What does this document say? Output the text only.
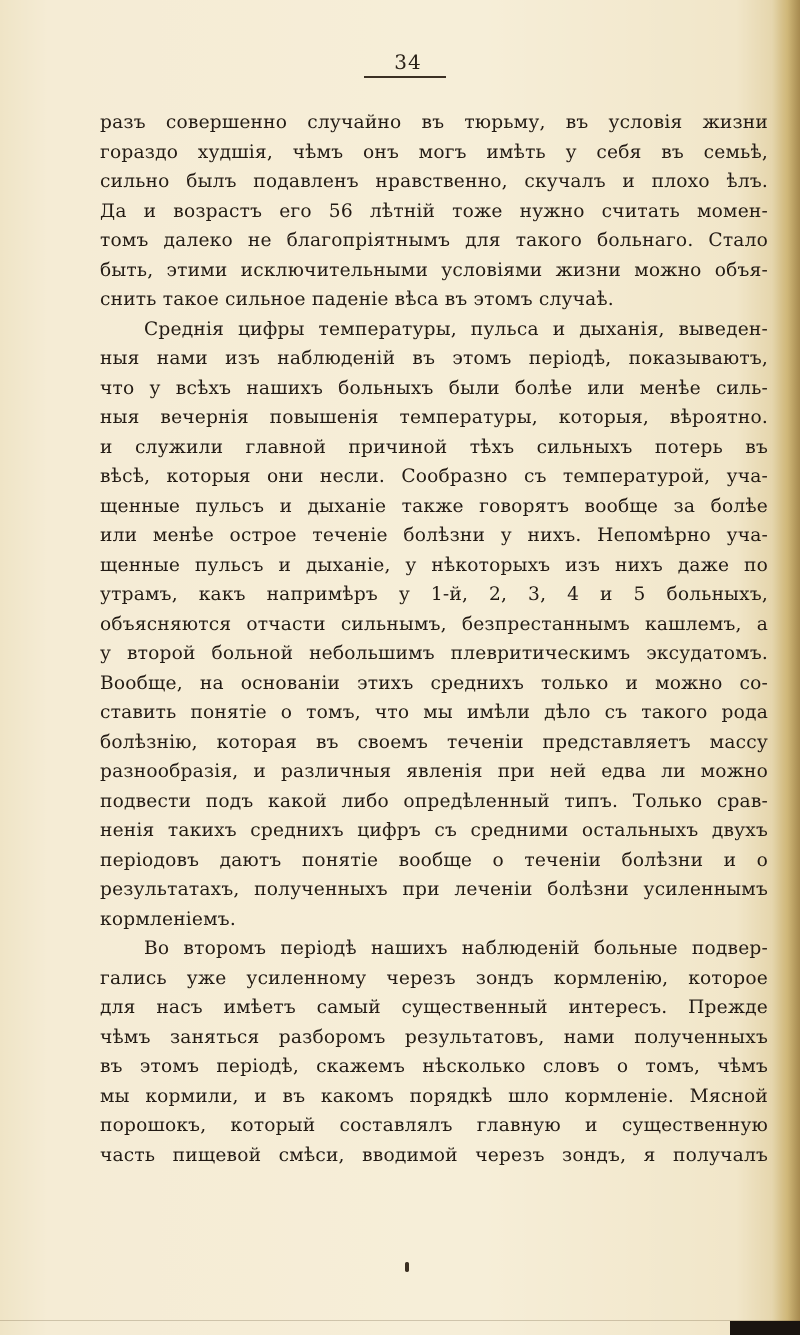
34
разъ совершенно случайно въ тюрьму, въ условія жизни
гораздо худшія, чѣмъ онъ могъ имѣть у себя въ семьѣ,
сильно былъ подавленъ нравственно, скучалъ и плохо ѣлъ.
Да и возрастъ его 56 лѣтній тоже нужно считать момен-
томъ далеко не благопріятнымъ для такого больнаго. Стало
быть, этими исключительными условіями жизни можно объя-
снить такое сильное паденіе вѣса въ этомъ случаѣ.
Среднія цифры температуры, пульса и дыханія, выведен-
ныя нами изъ наблюденій въ этомъ періодѣ, показываютъ,
что у всѣхъ нашихъ больныхъ были болѣе или менѣе силь-
ныя вечернія повышенія температуры, которыя, вѣроятно.
и служили главной причиной тѣхъ сильныхъ потерь въ
вѣсѣ, которыя они несли. Сообразно съ температурой, уча-
щенные пульсъ и дыханіе также говорятъ вообще за болѣе
или менѣе острое теченіе болѣзни у нихъ. Непомѣрно уча-
щенные пульсъ и дыханіе, у нѣкоторыхъ изъ нихъ даже по
утрамъ, какъ напримѣръ у 1-й, 2, 3, 4 и 5 больныхъ,
объясняются отчасти сильнымъ, безпрестаннымъ кашлемъ, а
у второй больной небольшимъ плевритическимъ эксудатомъ.
Вообще, на основаніи этихъ среднихъ только и можно со-
ставить понятіе о томъ, что мы имѣли дѣло съ такого рода
болѣзнію, которая въ своемъ теченіи представляетъ массу
разнообразія, и различныя явленія при ней едва ли можно
подвести подъ какой либо опредѣленный типъ. Только срав-
ненія такихъ среднихъ цифръ съ средними остальныхъ двухъ
періодовъ даютъ понятіе вообще о теченіи болѣзни и о
результатахъ, полученныхъ при леченіи болѣзни усиленнымъ
кормленіемъ.
Во второмъ періодѣ нашихъ наблюденій больные подвер-
гались уже усиленному черезъ зондъ кормленію, которое
для насъ имѣетъ самый существенный интересъ. Прежде
чѣмъ заняться разборомъ результатовъ, нами полученныхъ
въ этомъ періодѣ, скажемъ нѣсколько словъ о томъ, чѣмъ
мы кормили, и въ какомъ порядкѣ шло кормленіе. Мясной
порошокъ, который составлялъ главную и существенную
часть пищевой смѣси, вводимой черезъ зондъ, я получалъ
